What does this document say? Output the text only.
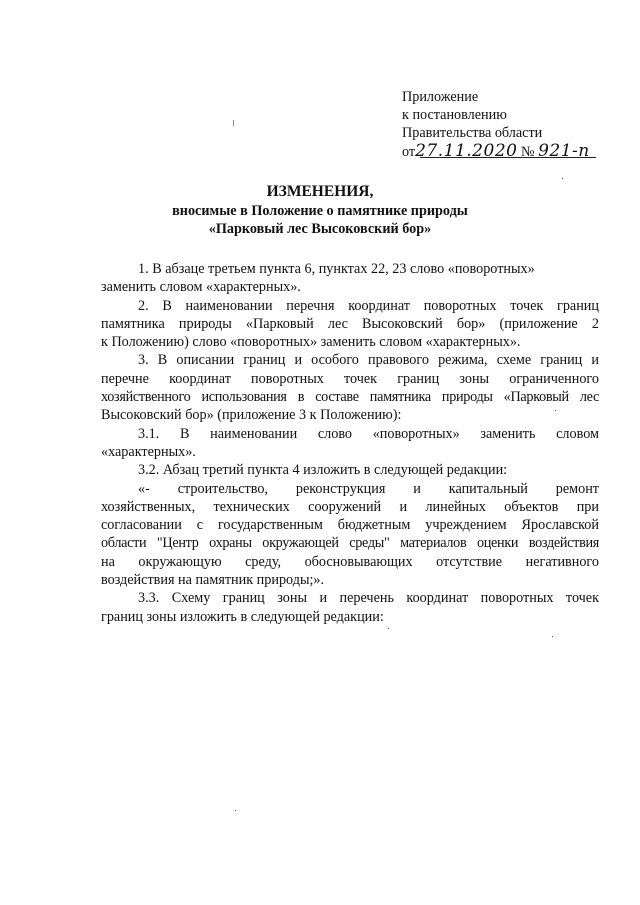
Приложение
к постановлению
Правительства области
от27.11.2020 № 921-п
ИЗМЕНЕНИЯ,
вносимые в Положение о памятнике природы
«Парковый лес Высоковский бор»
1. В абзаце третьем пункта 6, пунктах 22, 23 слово «поворотных»
заменить словом «характерных».
2. В наименовании перечня координат поворотных точек границ
памятника природы «Парковый лес Высоковский бор» (приложение 2
к Положению) слово «поворотных» заменить словом «характерных».
3. В описании границ и особого правового режима, схеме границ и
перечне координат поворотных точек границ зоны ограниченного
хозяйственного использования в составе памятника природы «Парковый лес
Высоковский бор» (приложение 3 к Положению):
3.1. В наименовании слово «поворотных» заменить словом
«характерных».
3.2. Абзац третий пункта 4 изложить в следующей редакции:
«- строительство, реконструкция и капитальный ремонт
хозяйственных, технических сооружений и линейных объектов при
согласовании с государственным бюджетным учреждением Ярославской
области "Центр охраны окружающей среды" материалов оценки воздействия
на окружающую среду, обосновывающих отсутствие негативного
воздействия на памятник природы;».
3.3. Схему границ зоны и перечень координат поворотных точек
границ зоны изложить в следующей редакции:
